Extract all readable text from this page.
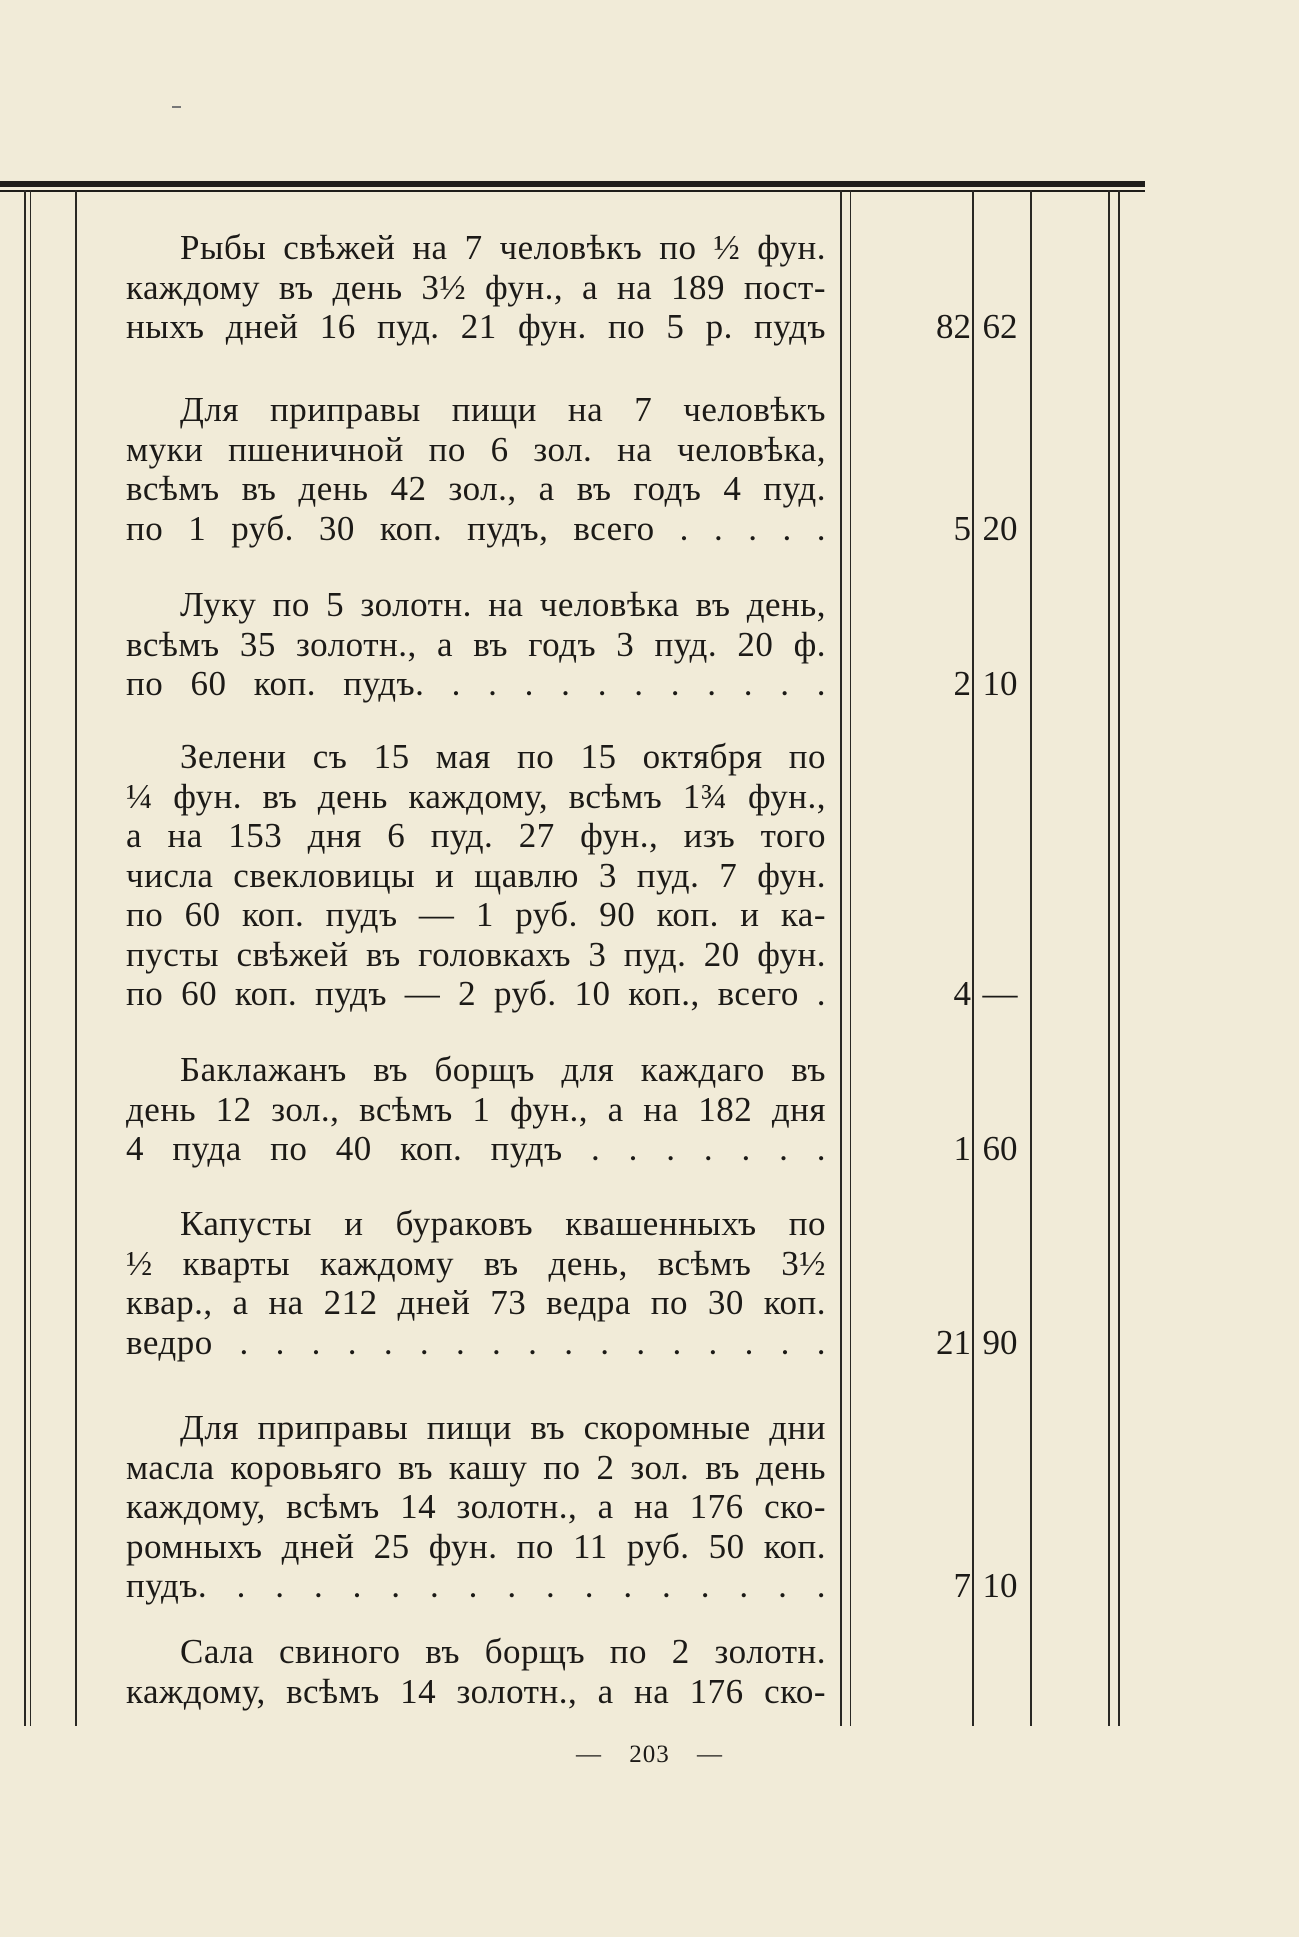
Рыбы свѣжей на 7 человѣкъ по ½ фун.
каждому въ день 3½ фун., а на 189 пост-
ныхъ дней 16 пуд. 21 фун. по 5 р. пудъ	82 62
Для приправы пищи на 7 человѣкъ
муки пшеничной по 6 зол. на человѣка,
всѣмъ въ день 42 зол., а въ годъ 4 пуд.
по 1 руб. 30 коп. пудъ, всего . . . . .	5 20
Луку по 5 золотн. на человѣка въ день,
всѣмъ 35 золотн., а въ годъ 3 пуд. 20 ф.
по 60 коп. пудъ. . . . . . . . . . . .	2 10
Зелени съ 15 мая по 15 октября по
¼ фун. въ день каждому, всѣмъ 1¾ фун.,
а на 153 дня 6 пуд. 27 фун., изъ того
числа свекловицы и щавлю 3 пуд. 7 фун.
по 60 коп. пудъ — 1 руб. 90 коп. и ка-
пусты свѣжей въ головкахъ 3 пуд. 20 фун.
по 60 коп. пудъ — 2 руб. 10 коп., всего .	4 —
Баклажанъ въ борщъ для каждаго въ
день 12 зол., всѣмъ 1 фун., а на 182 дня
4 пуда по 40 коп. пудъ . . . . . . .	1 60
Капусты и бураковъ квашенныхъ по
½ кварты каждому въ день, всѣмъ 3½
квар., а на 212 дней 73 ведра по 30 коп.
ведро . . . . . . . . . . . . . . . . .	21 90
Для приправы пищи въ скоромные дни
масла коровьяго въ кашу по 2 зол. въ день
каждому, всѣмъ 14 золотн., а на 176 ско-
ромныхъ дней 25 фун. по 11 руб. 50 коп.
пудъ. . . . . . . . . . . . . . . . .	7 10
Сала свиного въ борщъ по 2 золотн.
каждому, всѣмъ 14 золотн., а на 176 ско-
— 203 —
